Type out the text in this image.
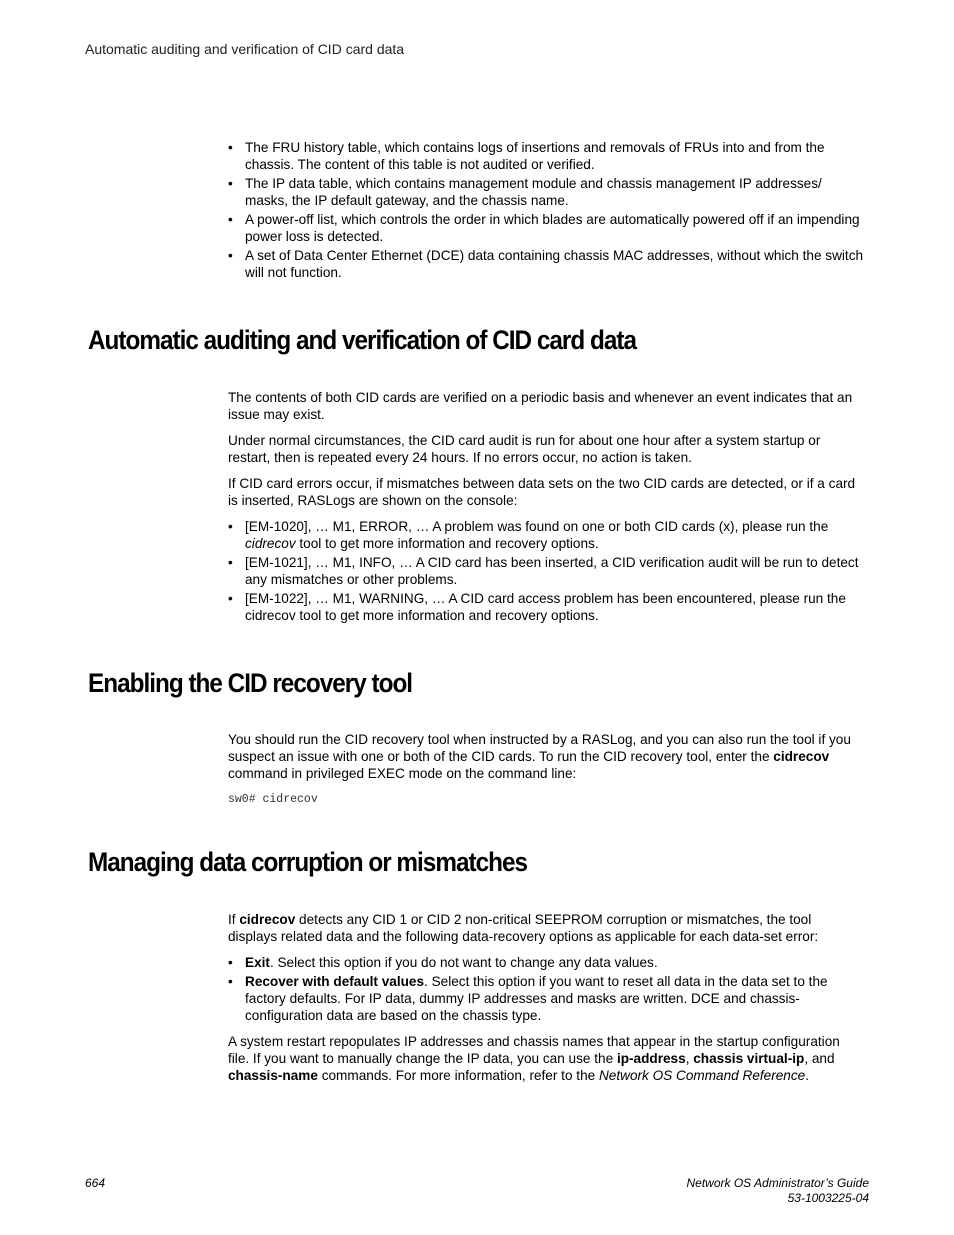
Automatic auditing and verification of CID card data
• The FRU history table, which contains logs of insertions and removals of FRUs into and from the chassis. The content of this table is not audited or verified.
• The IP data table, which contains management module and chassis management IP addresses/ masks, the IP default gateway, and the chassis name.
• A power-off list, which controls the order in which blades are automatically powered off if an impending power loss is detected.
• A set of Data Center Ethernet (DCE) data containing chassis MAC addresses, without which the switch will not function.
Automatic auditing and verification of CID card data

The contents of both CID cards are verified on a periodic basis and whenever an event indicates that an issue may exist.

Under normal circumstances, the CID card audit is run for about one hour after a system startup or restart, then is repeated every 24 hours. If no errors occur, no action is taken.

If CID card errors occur, if mismatches between data sets on the two CID cards are detected, or if a card is inserted, RASLogs are shown on the console:

• [EM-1020], … M1, ERROR, … A problem was found on one or both CID cards (x), please run the cidrecov tool to get more information and recovery options.
• [EM-1021], … M1, INFO, … A CID card has been inserted, a CID verification audit will be run to detect any mismatches or other problems.
• [EM-1022], … M1, WARNING, … A CID card access problem has been encountered, please run the cidrecov tool to get more information and recovery options.
Enabling the CID recovery tool

You should run the CID recovery tool when instructed by a RASLog, and you can also run the tool if you suspect an issue with one or both of the CID cards. To run the CID recovery tool, enter the cidrecov command in privileged EXEC mode on the command line:

sw0# cidrecov
Managing data corruption or mismatches

If cidrecov detects any CID 1 or CID 2 non-critical SEEPROM corruption or mismatches, the tool displays related data and the following data-recovery options as applicable for each data-set error:

• Exit. Select this option if you do not want to change any data values.
• Recover with default values. Select this option if you want to reset all data in the data set to the factory defaults. For IP data, dummy IP addresses and masks are written. DCE and chassis-configuration data are based on the chassis type.

A system restart repopulates IP addresses and chassis names that appear in the startup configuration file. If you want to manually change the IP data, you can use the ip-address, chassis virtual-ip, and chassis-name commands. For more information, refer to the Network OS Command Reference.

664	Network OS Administrator’s Guide
53-1003225-04
